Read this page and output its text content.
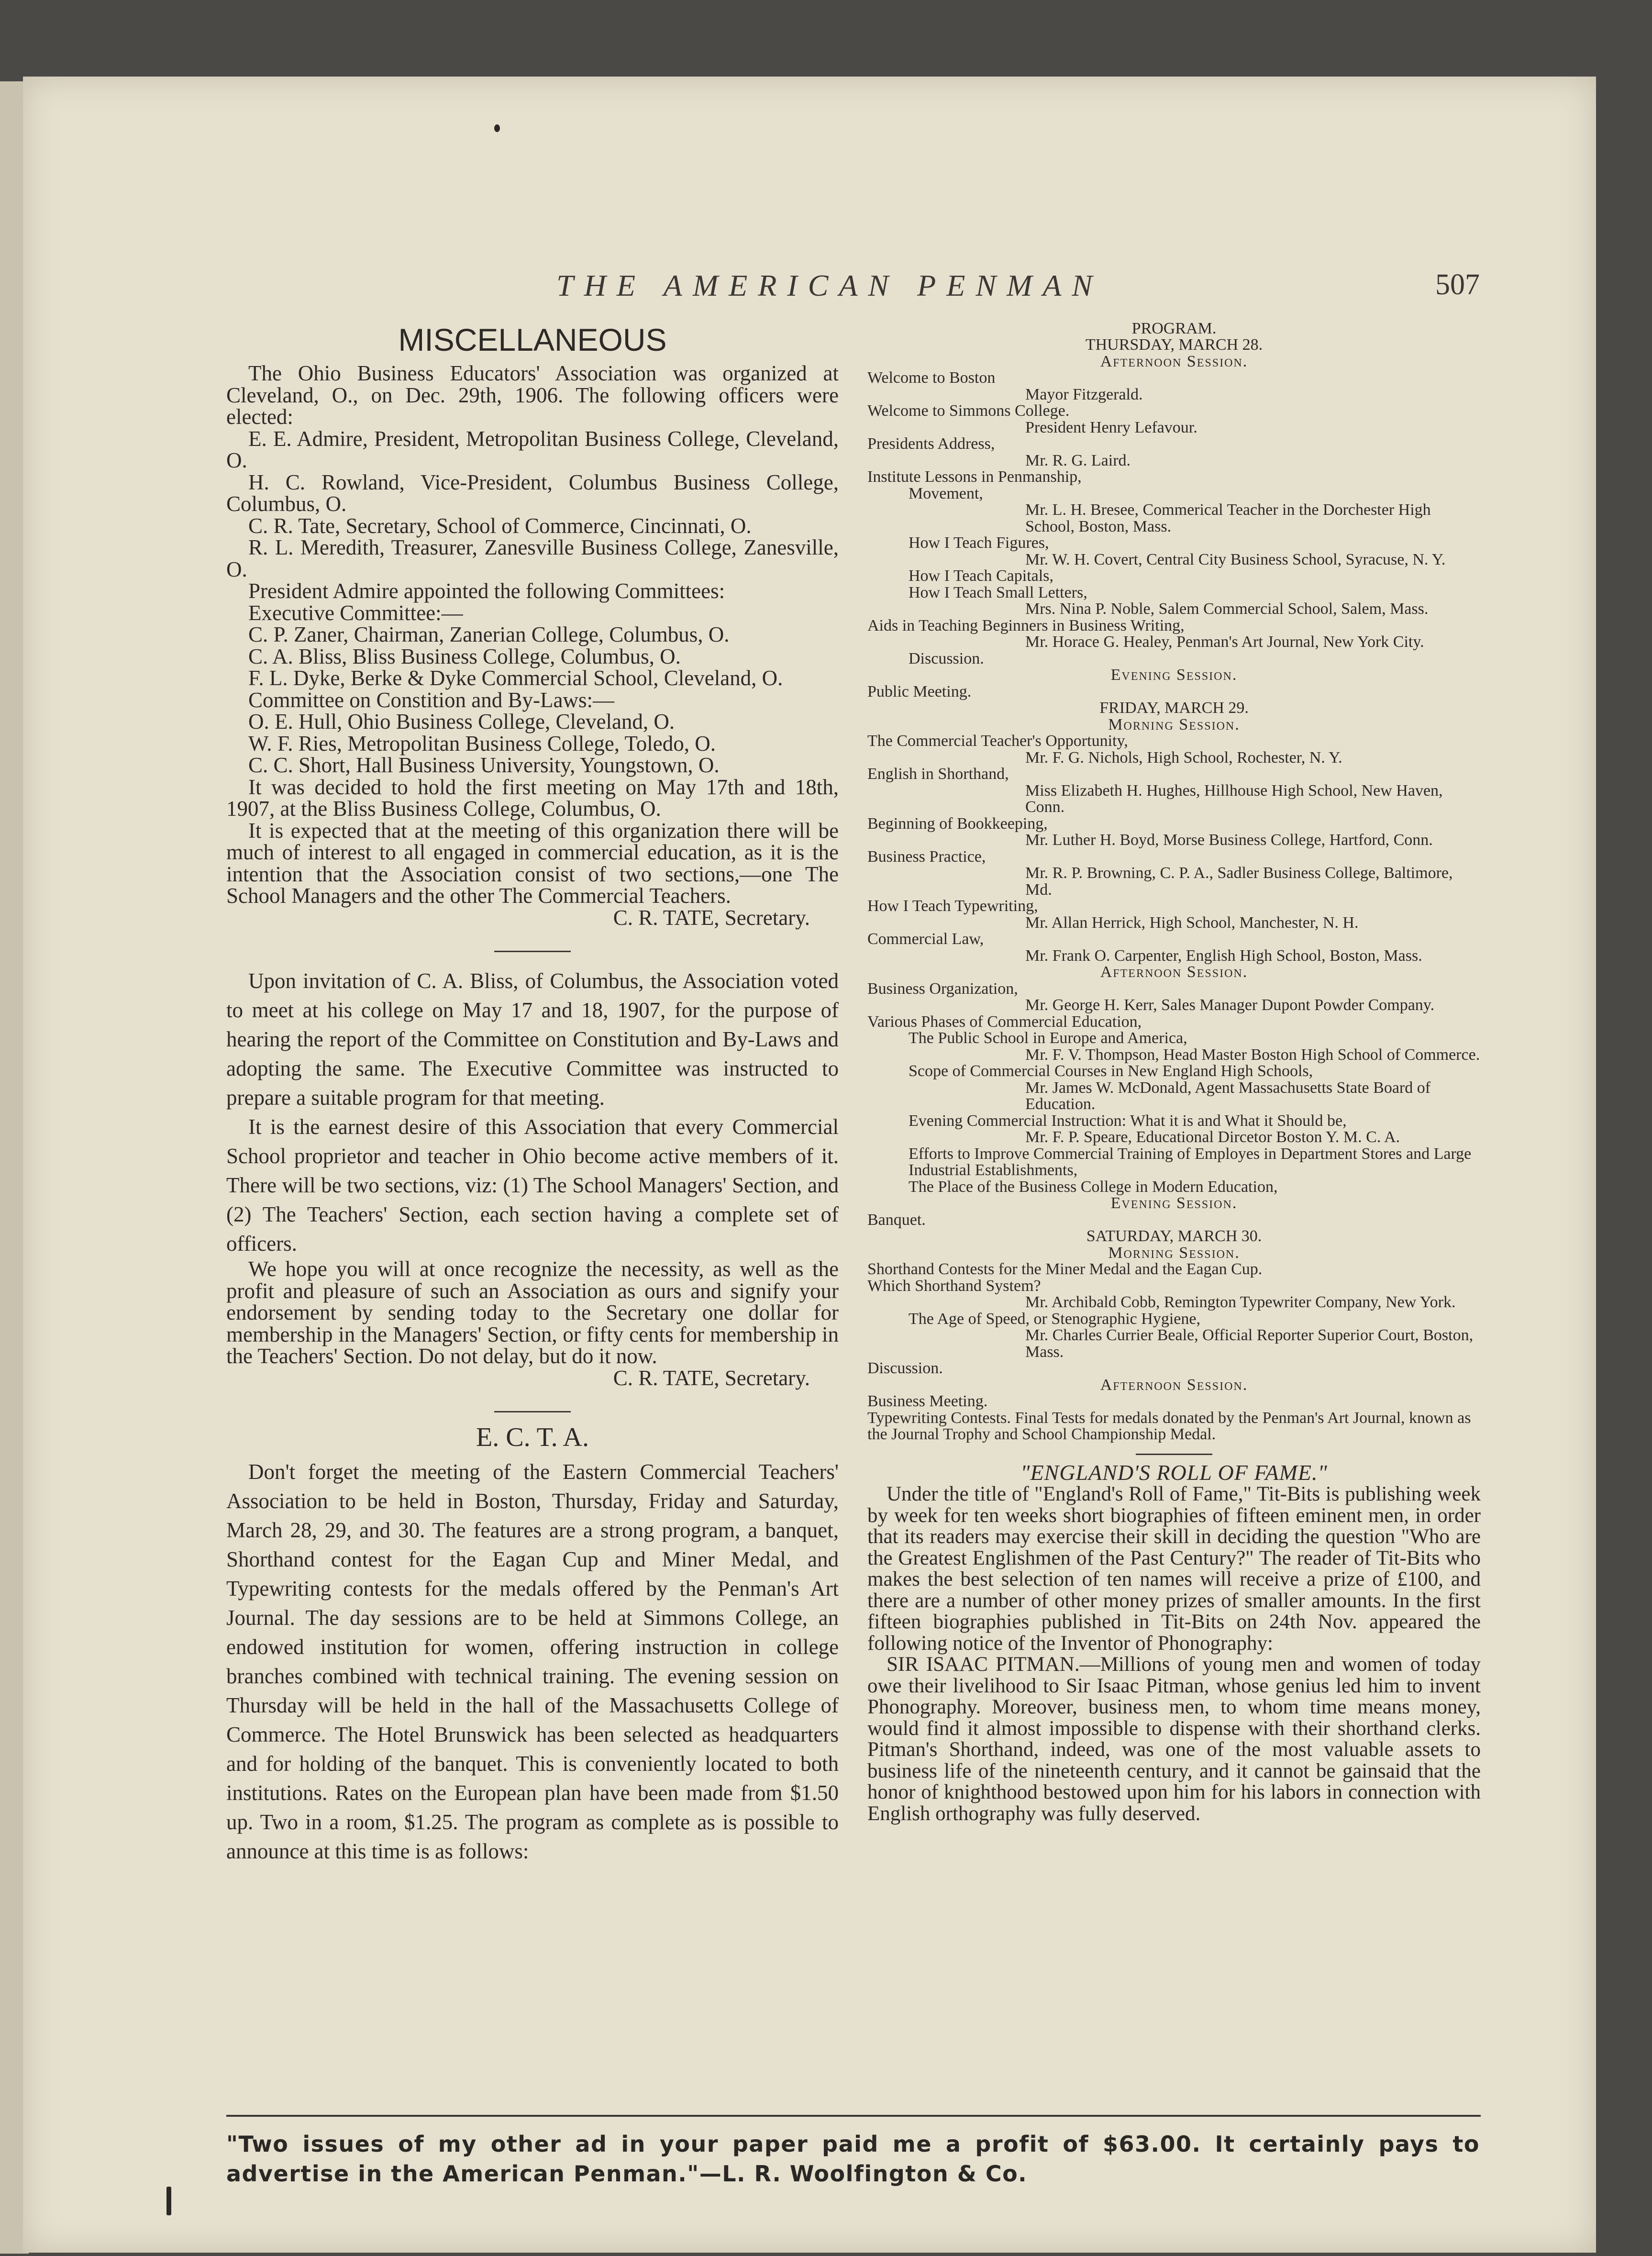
THE AMERICAN PENMAN	507
MISCELLANEOUS

The Ohio Business Educators' Association was organized at Cleveland, O., on Dec. 29th, 1906. The following officers were elected:

E. E. Admire, President, Metropolitan Business College, Cleveland, O.

H. C. Rowland, Vice-President, Columbus Business College, Columbus, O.

C. R. Tate, Secretary, School of Commerce, Cincinnati, O.

R. L. Meredith, Treasurer, Zanesville Business College, Zanesville, O.

President Admire appointed the following Committees:

Executive Committee:—

C. P. Zaner, Chairman, Zanerian College, Columbus, O.

C. A. Bliss, Bliss Business College, Columbus, O.

F. L. Dyke, Berke & Dyke Commercial School, Cleveland, O.

Committee on Constition and By-Laws:—

O. E. Hull, Ohio Business College, Cleveland, O.

W. F. Ries, Metropolitan Business College, Toledo, O.

C. C. Short, Hall Business University, Youngstown, O.

It was decided to hold the first meeting on May 17th and 18th, 1907, at the Bliss Business College, Columbus, O.

It is expected that at the meeting of this organization there will be much of interest to all engaged in commercial education, as it is the intention that the Association consist of two sections,—one The School Managers and the other The Commercial Teachers.

C. R. TATE, Secretary.

Upon invitation of C. A. Bliss, of Columbus, the Association voted to meet at his college on May 17 and 18, 1907, for the purpose of hearing the report of the Committee on Constitution and By-Laws and adopting the same. The Executive Committee was instructed to prepare a suitable program for that meeting.

It is the earnest desire of this Association that every Commercial School proprietor and teacher in Ohio become active members of it. There will be two sections, viz: (1) The School Managers' Section, and (2) The Teachers' Section, each section having a complete set of officers.

We hope you will at once recognize the necessity, as well as the profit and pleasure of such an Association as ours and signify your endorsement by sending today to the Secretary one dollar for membership in the Managers' Section, or fifty cents for membership in the Teachers' Section. Do not delay, but do it now.

C. R. TATE, Secretary.

E. C. T. A.

Don't forget the meeting of the Eastern Commercial Teachers' Association to be held in Boston, Thursday, Friday and Saturday, March 28, 29, and 30. The features are a strong program, a banquet, Shorthand contest for the Eagan Cup and Miner Medal, and Typewriting contests for the medals offered by the Penman's Art Journal. The day sessions are to be held at Simmons College, an endowed institution for women, offering instruction in college branches combined with technical training. The evening session on Thursday will be held in the hall of the Massachusetts College of Commerce. The Hotel Brunswick has been selected as headquarters and for holding of the banquet. This is conveniently located to both institutions. Rates on the European plan have been made from $1.50 up. Two in a room, $1.25. The program as complete as is possible to announce at this time is as follows:

PROGRAM.

THURSDAY, MARCH 28.

Afternoon Session.

Welcome to Boston

Mayor Fitzgerald.

Welcome to Simmons College.

President Henry Lefavour.

Presidents Address,

Mr. R. G. Laird.

Institute Lessons in Penmanship,

Movement,

Mr. L. H. Bresee, Commerical Teacher in the Dorchester High School, Boston, Mass.

How I Teach Figures,

Mr. W. H. Covert, Central City Business School, Syracuse, N. Y.

How I Teach Capitals,

How I Teach Small Letters,

Mrs. Nina P. Noble, Salem Commercial School, Salem, Mass.

Aids in Teaching Beginners in Business Writing,

Mr. Horace G. Healey, Penman's Art Journal, New York City.

Discussion.

Evening Session.

Public Meeting.

FRIDAY, MARCH 29.

Morning Session.

The Commercial Teacher's Opportunity,

Mr. F. G. Nichols, High School, Rochester, N. Y.

English in Shorthand,

Miss Elizabeth H. Hughes, Hillhouse High School, New Haven, Conn.

Beginning of Bookkeeping,

Mr. Luther H. Boyd, Morse Business College, Hartford, Conn.

Business Practice,

Mr. R. P. Browning, C. P. A., Sadler Business College, Baltimore, Md.

How I Teach Typewriting,

Mr. Allan Herrick, High School, Manchester, N. H.

Commercial Law,

Mr. Frank O. Carpenter, English High School, Boston, Mass.

Afternoon Session.

Business Organization,

Mr. George H. Kerr, Sales Manager Dupont Powder Company.

Various Phases of Commercial Education,

The Public School in Europe and America,

Mr. F. V. Thompson, Head Master Boston High School of Commerce.

Scope of Commercial Courses in New England High Schools,

Mr. James W. McDonald, Agent Massachusetts State Board of Education.

Evening Commercial Instruction: What it is and What it Should be,

Mr. F. P. Speare, Educational Dircetor Boston Y. M. C. A.

Efforts to Improve Commercial Training of Employes in Department Stores and Large Industrial Establishments,

The Place of the Business College in Modern Education,

Evening Session.

Banquet.

SATURDAY, MARCH 30.

Morning Session.

Shorthand Contests for the Miner Medal and the Eagan Cup.

Which Shorthand System?

Mr. Archibald Cobb, Remington Typewriter Company, New York.

The Age of Speed, or Stenographic Hygiene,

Mr. Charles Currier Beale, Official Reporter Superior Court, Boston, Mass.

Discussion.

Afternoon Session.

Business Meeting.

Typewriting Contests. Final Tests for medals donated by the Penman's Art Journal, known as the Journal Trophy and School Championship Medal.

"ENGLAND'S ROLL OF FAME."

Under the title of "England's Roll of Fame," Tit-Bits is publishing week by week for ten weeks short biographies of fifteen eminent men, in order that its readers may exercise their skill in deciding the question "Who are the Greatest Englishmen of the Past Century?" The reader of Tit-Bits who makes the best selection of ten names will receive a prize of £100, and there are a number of other money prizes of smaller amounts. In the first fifteen biographies published in Tit-Bits on 24th Nov. appeared the following notice of the Inventor of Phonography:

SIR ISAAC PITMAN.—Millions of young men and women of today owe their livelihood to Sir Isaac Pitman, whose genius led him to invent Phonography. Moreover, business men, to whom time means money, would find it almost impossible to dispense with their shorthand clerks. Pitman's Shorthand, indeed, was one of the most valuable assets to business life of the nineteenth century, and it cannot be gainsaid that the honor of knighthood bestowed upon him for his labors in connection with English orthography was fully deserved.

"Two issues of my other ad in your paper paid me a profit of $63.00. It certainly pays to advertise in the American Penman."—L. R. Woolfington & Co.
